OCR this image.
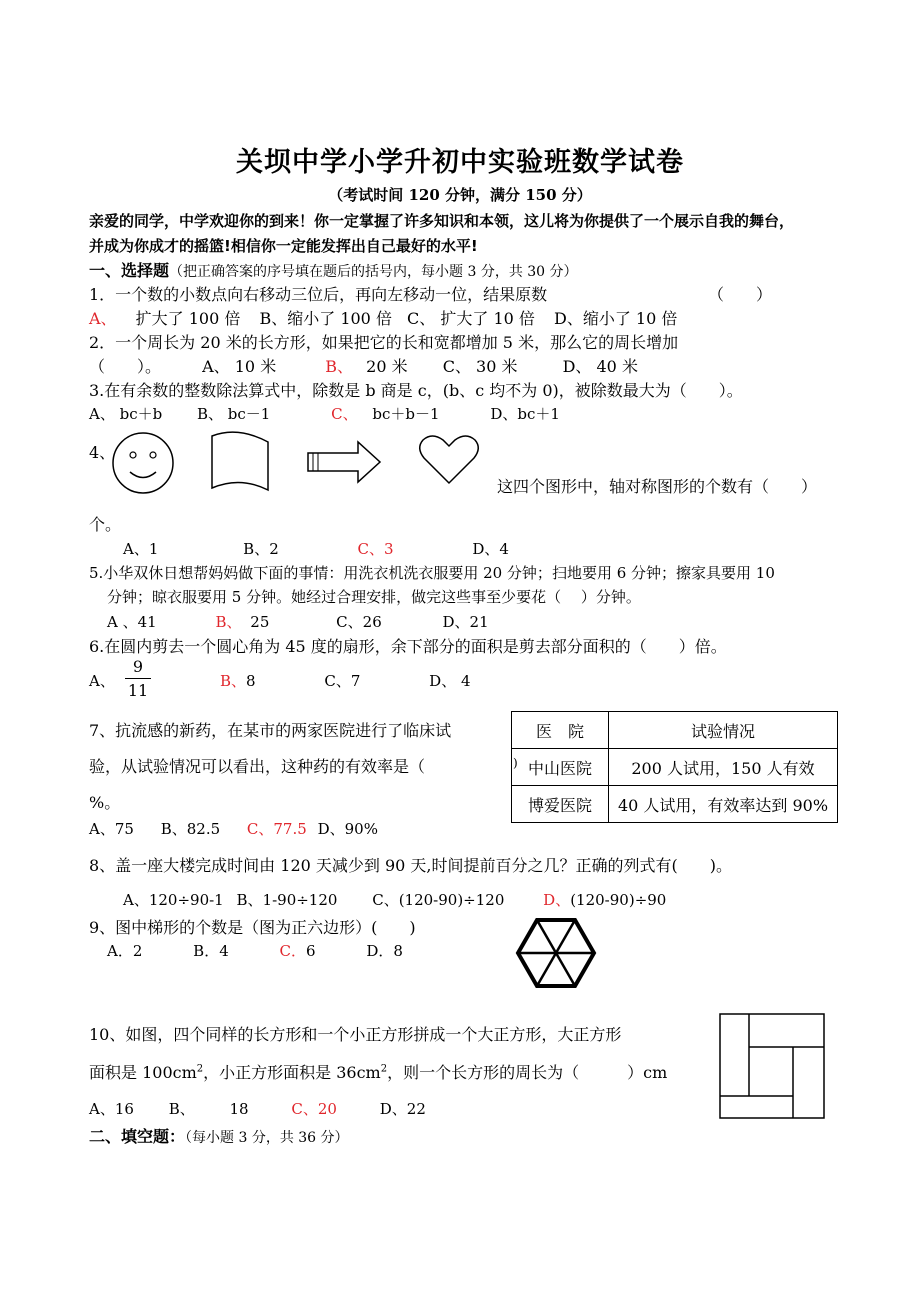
关坝中学小学升初中实验班数学试卷
（考试时间 120 分钟，满分 150 分）
亲爱的同学，中学欢迎你的到来！你一定掌握了许多知识和本领，这儿将为你提供了一个展示自我的舞台，
并成为你成才的摇篮!相信你一定能发挥出自己最好的水平!
一、选择题（把正确答案的序号填在题后的括号内，每小题 3 分，共 30 分）
1．一个数的小数点向右移动三位后，再向左移动一位，结果原数	（　　）
A、 扩大了 100 倍 B、缩小了 100 倍 C、 扩大了 10 倍 D、缩小了 10 倍
2．一个周长为 20 米的长方形，如果把它的长和宽都增加 5 米，那么它的周长增加
（　　）。	A、 10 米	B、 20 米 C、 30 米	D、 40 米
3.在有余数的整数除法算式中，除数是 b 商是 c，(b、c 均不为 0)，被除数最大为（　　）。
A、 bc＋b B、 bc－1	C、 bc＋b－1	D、bc＋1
4、
这四个图形中，轴对称图形的个数有（　　）
个。
A、1	B、2	C、3	D、4
5.小华双休日想帮妈妈做下面的事情：用洗衣机洗衣服要用 20 分钟；扫地要用 6 分钟；擦家具要用 10
分钟；晾衣服要用 5 分钟。她经过合理安排，做完这些事至少要花（　 ）分钟。
A 、41	B、 25	C、26	D、21
6.在圆内剪去一个圆心角为 45 度的扇形，余下部分的面积是剪去部分面积的（　　）倍。
A、
9
11	B、8	C、7	D、 4
7、抗流感的新药，在某市的两家医院进行了临床试
验，从试验情况可以看出，这种药的有效率是（	)
%。
A、75 B、82.5 C、77.5 D、90%
医　院	试验情况
中山医院	200 人试用，150 人有效
博爱医院	40 人试用，有效率达到 90%
8、盖一座大楼完成时间由 120 天减少到 90 天,时间提前百分之几？正确的列式有(　　)。
A、120÷90-1 B、1-90÷120 C、(120-90)÷120	D、(120-90)÷90
9、图中梯形的个数是（图为正六边形）(　　)
A．2	B．4	C．6	D．8
10、如图，四个同样的长方形和一个小正方形拼成一个大正方形，大正方形
面积是 $100cm^2$，小正方形面积是 $36cm^2$，则一个长方形的周长为（　　　）cm
A、16 B、 18	C、20	D、22
二、填空题：（每小题 3 分，共 36 分）
